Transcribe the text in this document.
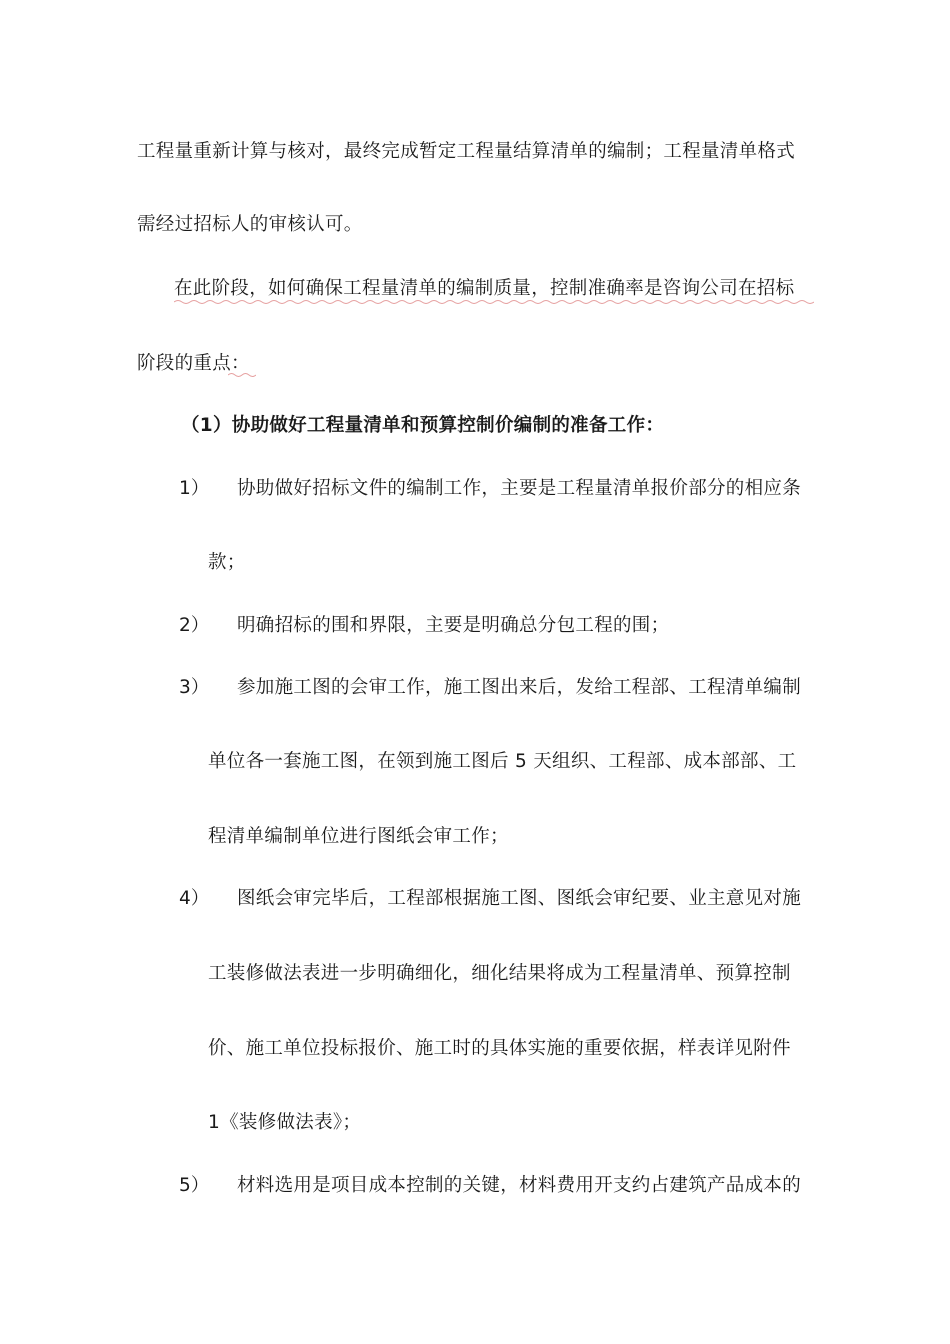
工程量重新计算与核对，最终完成暂定工程量结算清单的编制；工程量清单格式
需经过招标人的审核认可。
在此阶段，如何确保工程量清单的编制质量，控制准确率是咨询公司在招标
阶段的重点：
（1）协助做好工程量清单和预算控制价编制的准备工作：
1） 协助做好招标文件的编制工作，主要是工程量清单报价部分的相应条
款；
2） 明确招标的围和界限，主要是明确总分包工程的围；
3） 参加施工图的会审工作，施工图出来后，发给工程部、工程清单编制
单位各一套施工图，在领到施工图后 5 天组织、工程部、成本部部、工
程清单编制单位进行图纸会审工作；
4） 图纸会审完毕后，工程部根据施工图、图纸会审纪要、业主意见对施
工装修做法表进一步明确细化，细化结果将成为工程量清单、预算控制
价、施工单位投标报价、施工时的具体实施的重要依据，样表详见附件
1《装修做法表》；
5） 材料选用是项目成本控制的关键，材料费用开支约占建筑产品成本的
